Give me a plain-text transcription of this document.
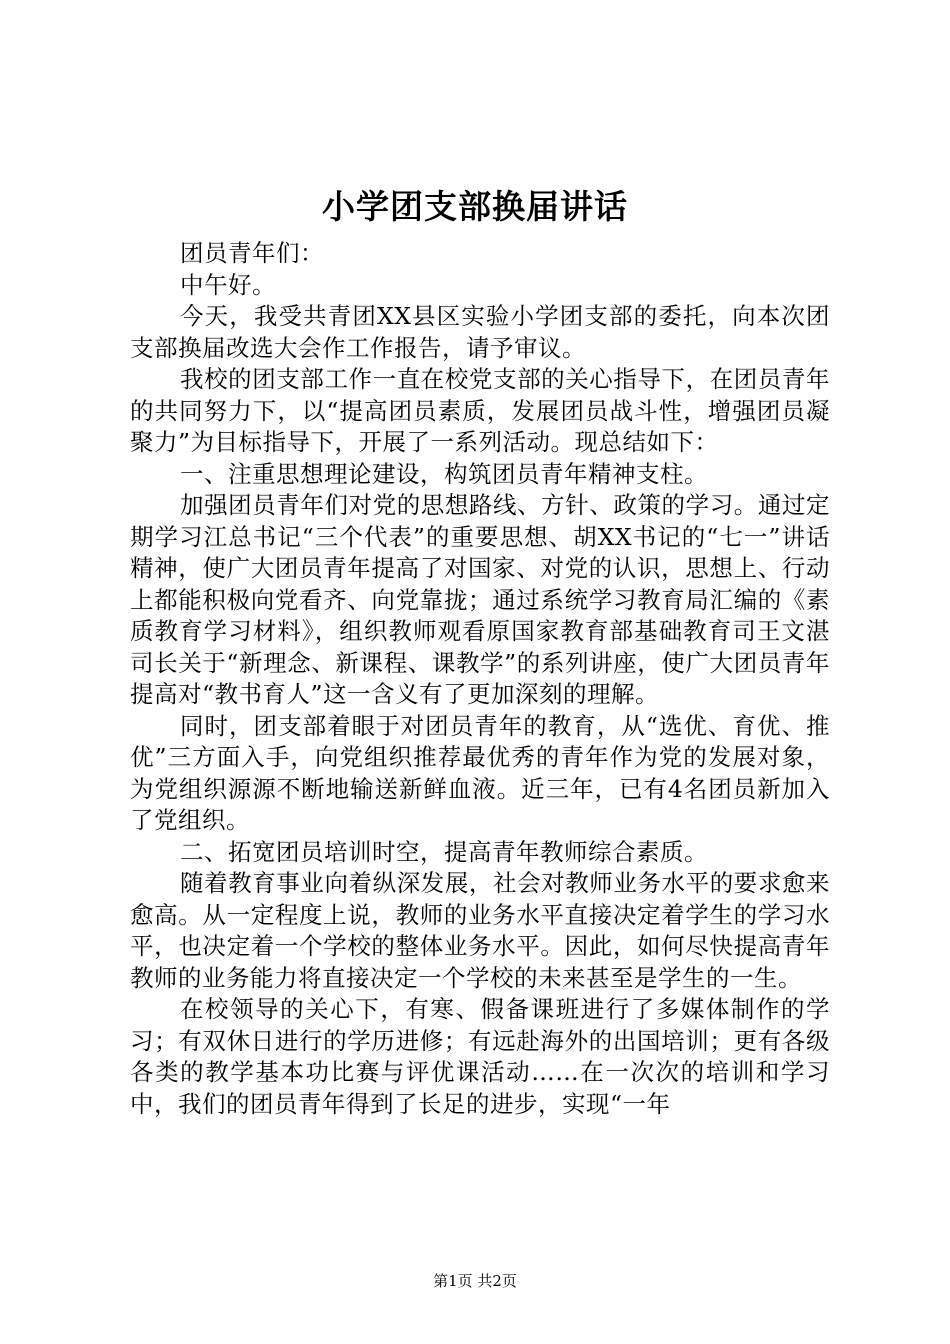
小学团支部换届讲话

团员青年们：

中午好。

今天，我受共青团XX县区实验小学团支部的委托，向本次团支部换届改选大会作工作报告，请予审议。

我校的团支部工作一直在校党支部的关心指导下，在团员青年的共同努力下，以“提高团员素质，发展团员战斗性，增强团员凝聚力”为目标指导下，开展了一系列活动。现总结如下：

一、注重思想理论建设，构筑团员青年精神支柱。

加强团员青年们对党的思想路线、方针、政策的学习。通过定期学习江总书记“三个代表”的重要思想、胡XX书记的“七一”讲话精神，使广大团员青年提高了对国家、对党的认识，思想上、行动上都能积极向党看齐、向党靠拢；通过系统学习教育局汇编的《素质教育学习材料》，组织教师观看原国家教育部基础教育司王文湛司长关于“新理念、新课程、课教学”的系列讲座，使广大团员青年提高对“教书育人”这一含义有了更加深刻的理解。

同时，团支部着眼于对团员青年的教育，从“选优、育优、推优”三方面入手，向党组织推荐最优秀的青年作为党的发展对象，为党组织源源不断地输送新鲜血液。近三年，已有4名团员新加入了党组织。

二、拓宽团员培训时空，提高青年教师综合素质。

随着教育事业向着纵深发展，社会对教师业务水平的要求愈来愈高。从一定程度上说，教师的业务水平直接决定着学生的学习水平，也决定着一个学校的整体业务水平。因此，如何尽快提高青年教师的业务能力将直接决定一个学校的未来甚至是学生的一生。

在校领导的关心下，有寒、假备课班进行了多媒体制作的学习；有双休日进行的学历进修；有远赴海外的出国培训；更有各级各类的教学基本功比赛与评优课活动……在一次次的培训和学习中，我们的团员青年得到了长足的进步，实现“一年

第1页 共2页
